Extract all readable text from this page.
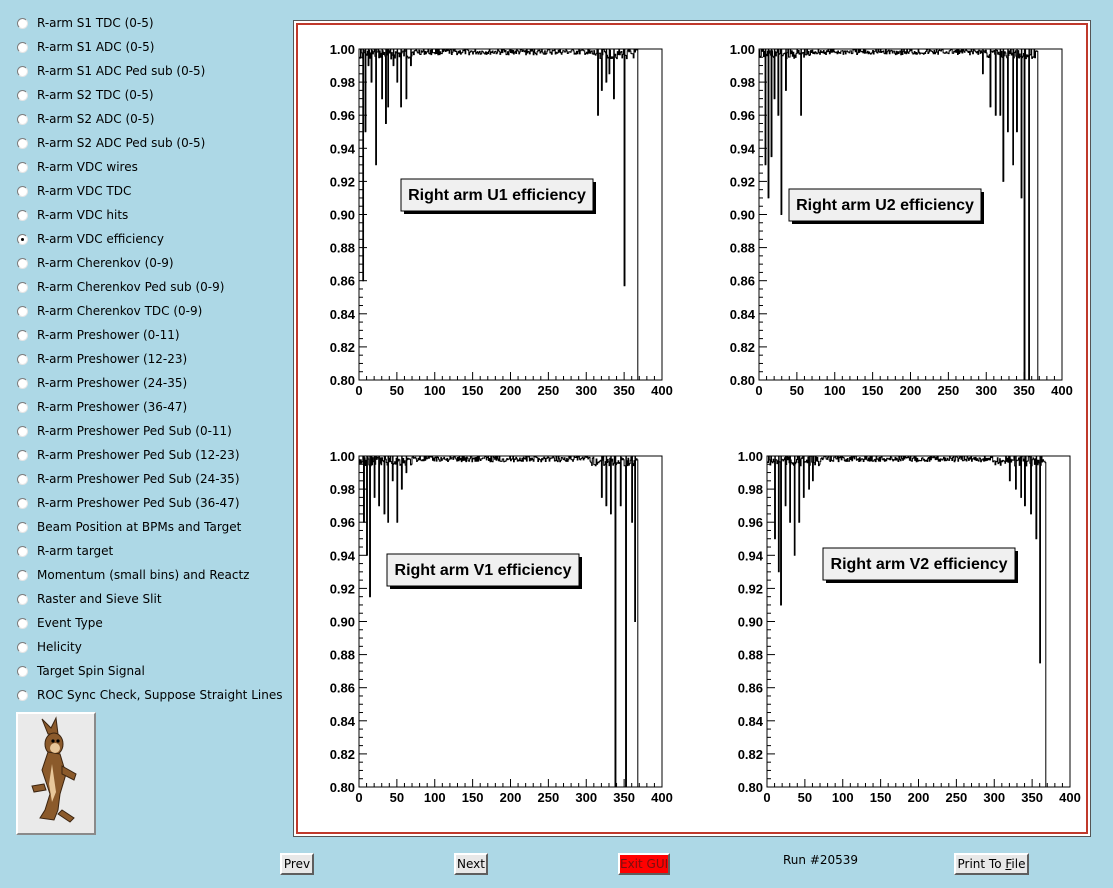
R-arm S1 TDC (0-5)
R-arm S1 ADC (0-5)
R-arm S1 ADC Ped sub (0-5)
R-arm S2 TDC (0-5)
R-arm S2 ADC (0-5)
R-arm S2 ADC Ped sub (0-5)
R-arm VDC wires
R-arm VDC TDC
R-arm VDC hits
R-arm VDC efficiency
R-arm Cherenkov (0-9)
R-arm Cherenkov Ped sub (0-9)
R-arm Cherenkov TDC (0-9)
R-arm Preshower (0-11)
R-arm Preshower (12-23)
R-arm Preshower (24-35)
R-arm Preshower (36-47)
R-arm Preshower Ped Sub (0-11)
R-arm Preshower Ped Sub (12-23)
R-arm Preshower Ped Sub (24-35)
R-arm Preshower Ped Sub (36-47)
Beam Position at BPMs and Target
R-arm target
Momentum (small bins) and Reactz
Raster and Sieve Slit
Event Type
Helicity
Target Spin Signal
ROC Sync Check, Suppose Straight Lines
0.80
0.82
0.84
0.86
0.88
0.90
0.92
0.94
0.96
0.98
1.00
0 50 100 150 200 250 300 350 400
Right arm U1 efficiency
0.80
0.82
0.84
0.86
0.88
0.90
0.92
0.94
0.96
0.98
1.00
0 50 100 150 200 250 300 350 400
Right arm U2 efficiency
0.80
0.82
0.84
0.86
0.88
0.90
0.92
0.94
0.96
0.98
1.00
0 50 100 150 200 250 300 350 400
Right arm V1 efficiency
0.80
0.82
0.84
0.86
0.88
0.90
0.92
0.94
0.96
0.98
1.00
0 50 100 150 200 250 300 350 400
Right arm V2 efficiency
Prev	Next	Exit GUI	Run #20539	Print To File
